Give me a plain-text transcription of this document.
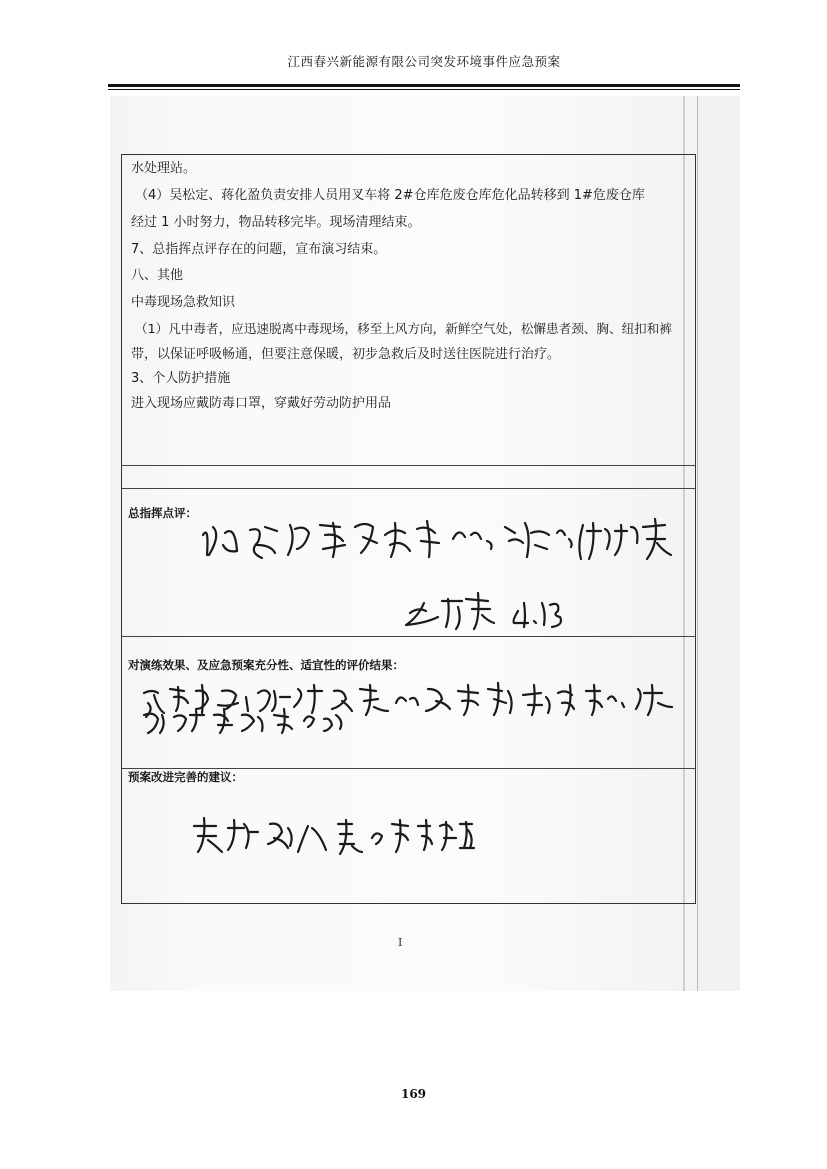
江西春兴新能源有限公司突发环境事件应急预案
水处理站。
（4）吴松定、蒋化盈负责安排人员用叉车将 2#仓库危废仓库危化品转移到 1#危废仓库
经过 1 小时努力，物品转移完毕。现场清理结束。
7、总指挥点评存在的问题，宣布演习结束。
八、其他
中毒现场急救知识
（1）凡中毒者，应迅速脱离中毒现场，移至上风方向，新鲜空气处，松懈患者颈、胸、纽扣和裤
带，以保证呼吸畅通，但要注意保暖，初步急救后及时送往医院进行治疗。
3、个人防护措施
进入现场应戴防毒口罩，穿戴好劳动防护用品
总指挥点评：
对演练效果、及应急预案充分性、适宜性的评价结果：
预案改进完善的建议：
I
169
